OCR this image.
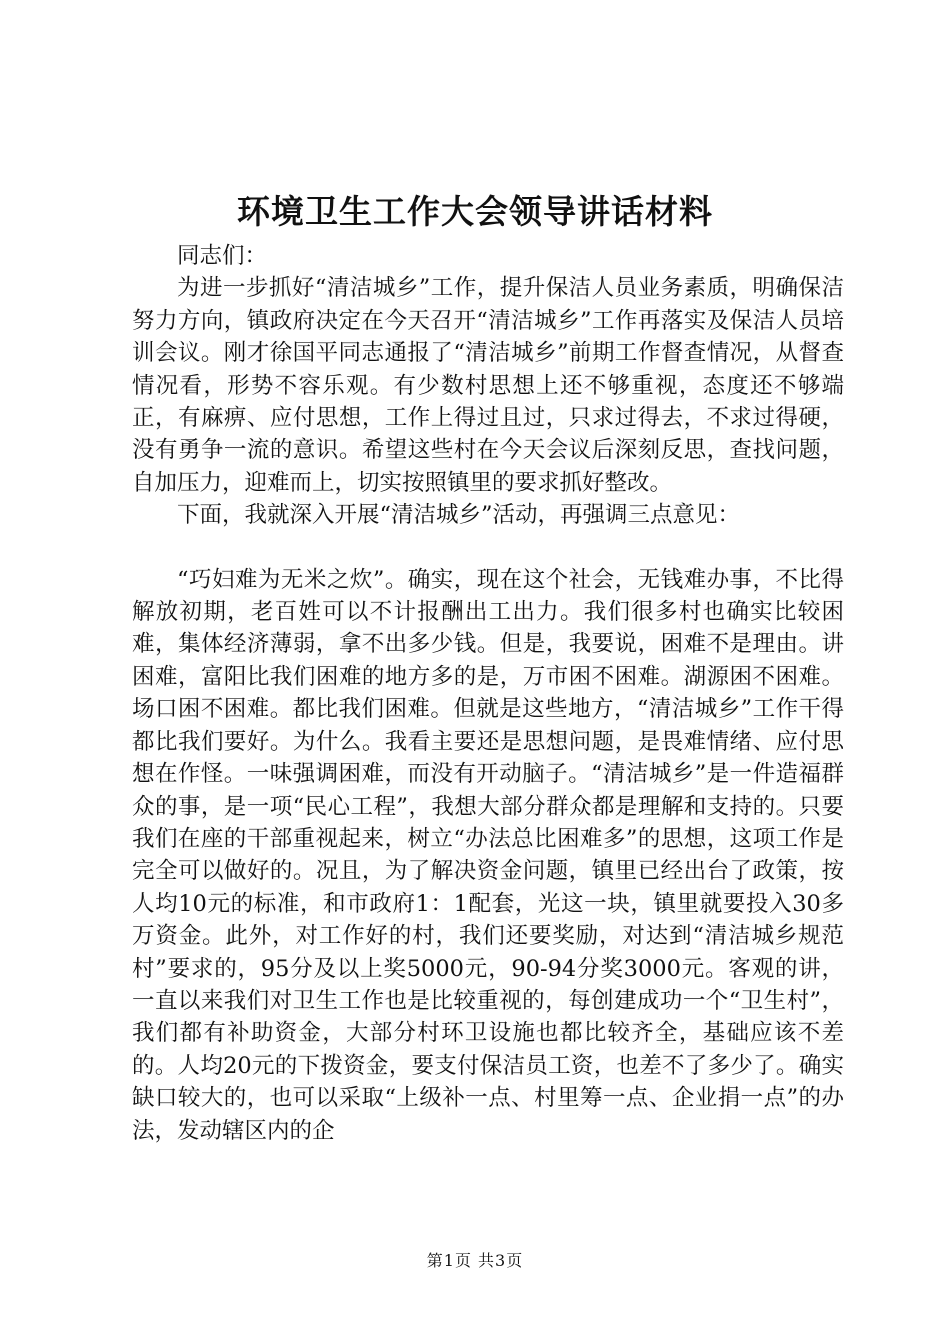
环境卫生工作大会领导讲话材料

同志们：

为进一步抓好“清洁城乡”工作，提升保洁人员业务素质，明确保洁努力方向，镇政府决定在今天召开“清洁城乡”工作再落实及保洁人员培训会议。刚才徐国平同志通报了“清洁城乡”前期工作督查情况，从督查情况看，形势不容乐观。有少数村思想上还不够重视，态度还不够端正，有麻痹、应付思想，工作上得过且过，只求过得去，不求过得硬，没有勇争一流的意识。希望这些村在今天会议后深刻反思，查找问题，自加压力，迎难而上，切实按照镇里的要求抓好整改。

下面，我就深入开展“清洁城乡”活动，再强调三点意见：

“巧妇难为无米之炊”。确实，现在这个社会，无钱难办事，不比得解放初期，老百姓可以不计报酬出工出力。我们很多村也确实比较困难，集体经济薄弱，拿不出多少钱。但是，我要说，困难不是理由。讲困难，富阳比我们困难的地方多的是，万市困不困难。湖源困不困难。场口困不困难。都比我们困难。但就是这些地方，“清洁城乡”工作干得都比我们要好。为什么。我看主要还是思想问题，是畏难情绪、应付思想在作怪。一味强调困难，而没有开动脑子。“清洁城乡”是一件造福群众的事，是一项“民心工程”，我想大部分群众都是理解和支持的。只要我们在座的干部重视起来，树立“办法总比困难多”的思想，这项工作是完全可以做好的。况且，为了解决资金问题，镇里已经出台了政策，按人均10元的标准，和市政府1：1配套，光这一块，镇里就要投入30多万资金。此外，对工作好的村，我们还要奖励，对达到“清洁城乡规范村”要求的，95分及以上奖5000元，90-94分奖3000元。客观的讲，一直以来我们对卫生工作也是比较重视的，每创建成功一个“卫生村”，我们都有补助资金，大部分村环卫设施也都比较齐全，基础应该不差的。人均20元的下拨资金，要支付保洁员工资，也差不了多少了。确实缺口较大的，也可以采取“上级补一点、村里筹一点、企业捐一点”的办法，发动辖区内的企

第1页 共3页
